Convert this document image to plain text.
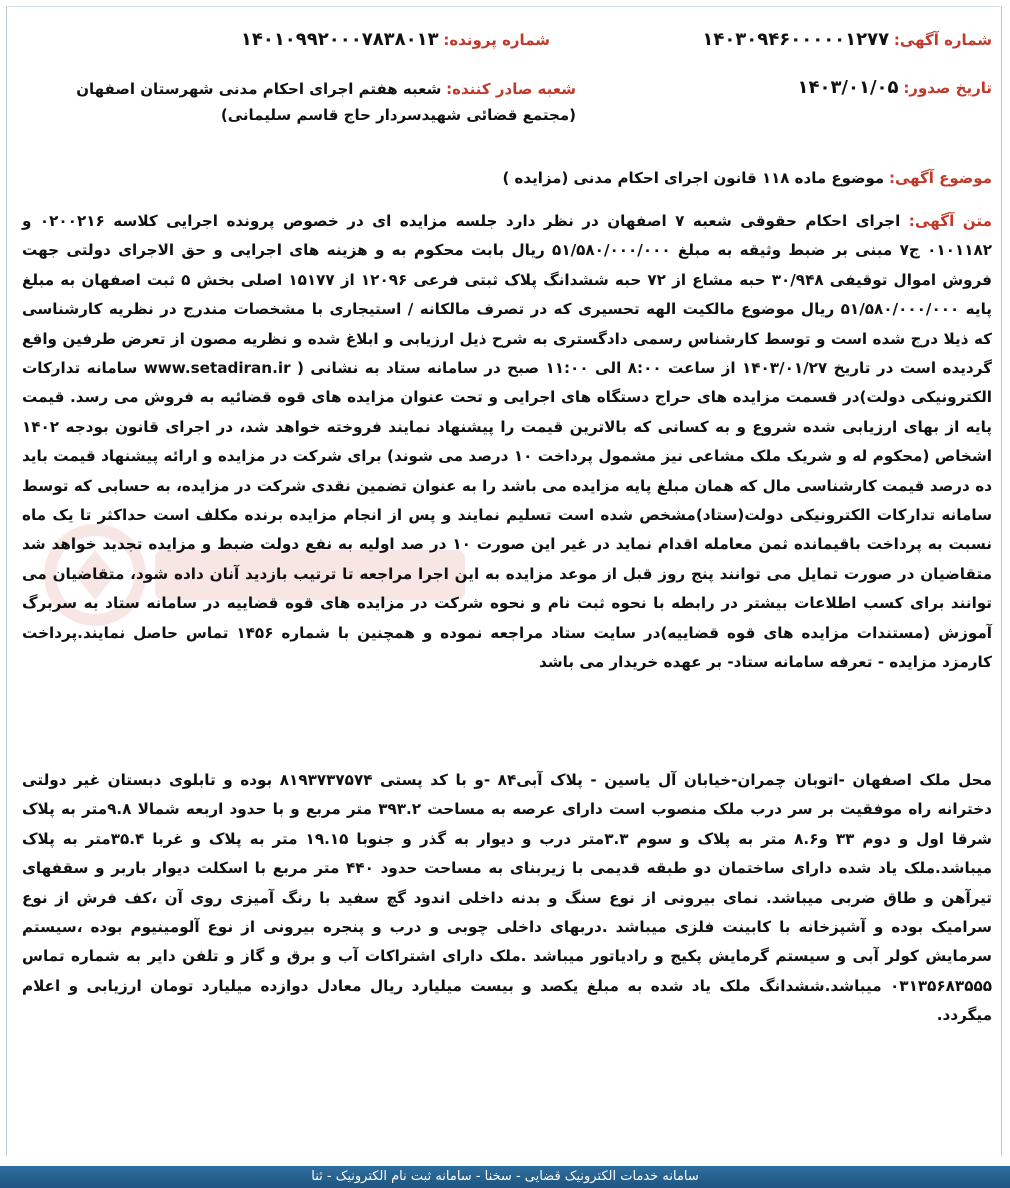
شماره آگهی: ۱۴۰۳۰۹۴۶۰۰۰۰۰۱۲۷۷
شماره پرونده: ۱۴۰۱۰۹۹۲۰۰۰۷۸۳۸۰۱۳
تاریخ صدور: ۱۴۰۳/۰۱/۰۵
شعبه صادر کننده: شعبه هفتم اجرای احکام مدنی شهرستان اصفهان (مجتمع قضائی شهیدسردار حاج قاسم سلیمانی)
موضوع آگهی: موضوع ماده ۱۱۸ قانون اجرای احکام مدنی (مزایده )
متن آگهی: اجرای احکام حقوقی شعبه ۷ اصفهان در نظر دارد جلسه مزایده ای در خصوص پرونده اجرایی کلاسه ۰۲۰۰۲۱۶ و ۰۱۰۱۱۸۲ ج۷ مبنی بر ضبط وثیقه به مبلغ ۵۱/۵۸۰/۰۰۰/۰۰۰ ریال بابت محکوم به و هزینه های اجرایی و حق الاجرای دولتی جهت فروش اموال توقیفی ۳۰/۹۴۸ حبه مشاع از ۷۲ حبه ششدانگ پلاک ثبتی فرعی ۱۲۰۹۶ از ۱۵۱۷۷ اصلی بخش ۵ ثبت اصفهان به مبلغ پایه ۵۱/۵۸۰/۰۰۰/۰۰۰ ریال موضوع مالکیت الهه تحسیری که در تصرف مالکانه / استیجاری با مشخصات مندرج در نظریه کارشناسی که ذیلا درج شده است و توسط کارشناس رسمی دادگستری به شرح ذیل ارزیابی و ابلاغ شده و نظریه مصون از تعرض طرفین واقع گردیده است در تاریخ ۱۴۰۳/۰۱/۲۷ از ساعت ۸:۰۰ الی ۱۱:۰۰ صبح در سامانه ستاد به نشانی ( www.setadiran.ir سامانه تدارکات الکترونیکی دولت)در قسمت مزایده های حراج دستگاه های اجرایی و تحت عنوان مزایده های قوه قضائیه به فروش می رسد. قیمت پایه از بهای ارزیابی شده شروع و به کسانی که بالاترین قیمت را پیشنهاد نمایند فروخته خواهد شد، در اجرای قانون بودجه ۱۴۰۲ اشخاص (محکوم له و شریک ملک مشاعی نیز مشمول پرداخت ۱۰ درصد می شوند) برای شرکت در مزایده و ارائه پیشنهاد قیمت باید ده درصد قیمت کارشناسی مال که همان مبلغ پایه مزایده می باشد را به عنوان تضمین نقدی شرکت در مزایده، به حسابی که توسط سامانه تدارکات الکترونیکی دولت(ستاد)مشخص شده است تسلیم نمایند و پس از انجام مزایده برنده مکلف است حداکثر تا یک ماه نسبت به پرداخت باقیمانده ثمن معامله اقدام نماید در غیر این صورت ۱۰ در صد اولیه به نفع دولت ضبط و مزایده تجدید خواهد شد متقاضیان در صورت تمایل می توانند پنج روز قبل از موعد مزایده به این اجرا مراجعه تا ترتیب بازدید آنان داده شود، متقاضیان می توانند برای کسب اطلاعات بیشتر در رابطه با نحوه ثبت نام و نحوه شرکت در مزایده های قوه قضاییه در سامانه ستاد به سربرگ آموزش (مستندات مزایده های قوه قضاییه)در سایت ستاد مراجعه نموده و همچنین با شماره ۱۴۵۶ تماس حاصل نمایند.پرداخت کارمزد مزایده - تعرفه سامانه ستاد- بر عهده خریدار می باشد
محل ملک اصفهان -اتوبان چمران-خیابان آل یاسین - پلاک آبی۸۴ -و با کد پستی ۸۱۹۳۷۳۷۵۷۴ بوده و تابلوی دبستان غیر دولتی دخترانه راه موفقیت بر سر درب ملک منصوب است دارای عرصه به مساحت ۳۹۳.۲ متر مربع و با حدود اربعه شمالا ۹.۸متر به پلاک شرقا اول و دوم ۳۳ و۸.۶ متر به پلاک و سوم ۳.۳متر درب و دیوار به گذر و جنوبا ۱۹.۱۵ متر به پلاک و غربا ۳۵.۴متر به پلاک میباشد.ملک یاد شده دارای ساختمان دو طبقه قدیمی با زیربنای به مساحت حدود ۴۴۰ متر مربع با اسکلت دیوار باربر و سقفهای تیرآهن و طاق ضربی میباشد. نمای بیرونی از نوع سنگ و بدنه داخلی اندود گچ سفید با رنگ آمیزی روی آن ،کف فرش از نوع سرامیک بوده و آشپزخانه با کابینت فلزی میباشد .دربهای داخلی چوبی و درب و پنجره بیرونی از نوع آلومینیوم بوده ،سیستم سرمایش کولر آبی و سیستم گرمایش پکیج و رادیاتور میباشد .ملک دارای اشتراکات آب و برق و گاز و تلفن دایر به شماره تماس ۰۳۱۳۵۶۸۳۵۵۵ میباشد.ششدانگ ملک یاد شده به مبلغ یکصد و بیست میلیارد ریال معادل دوازده میلیارد تومان ارزیابی و اعلام میگردد.
سامانه خدمات الکترونیک قضایی - سخنا - سامانه ثبت نام الکترونیک - ثنا
